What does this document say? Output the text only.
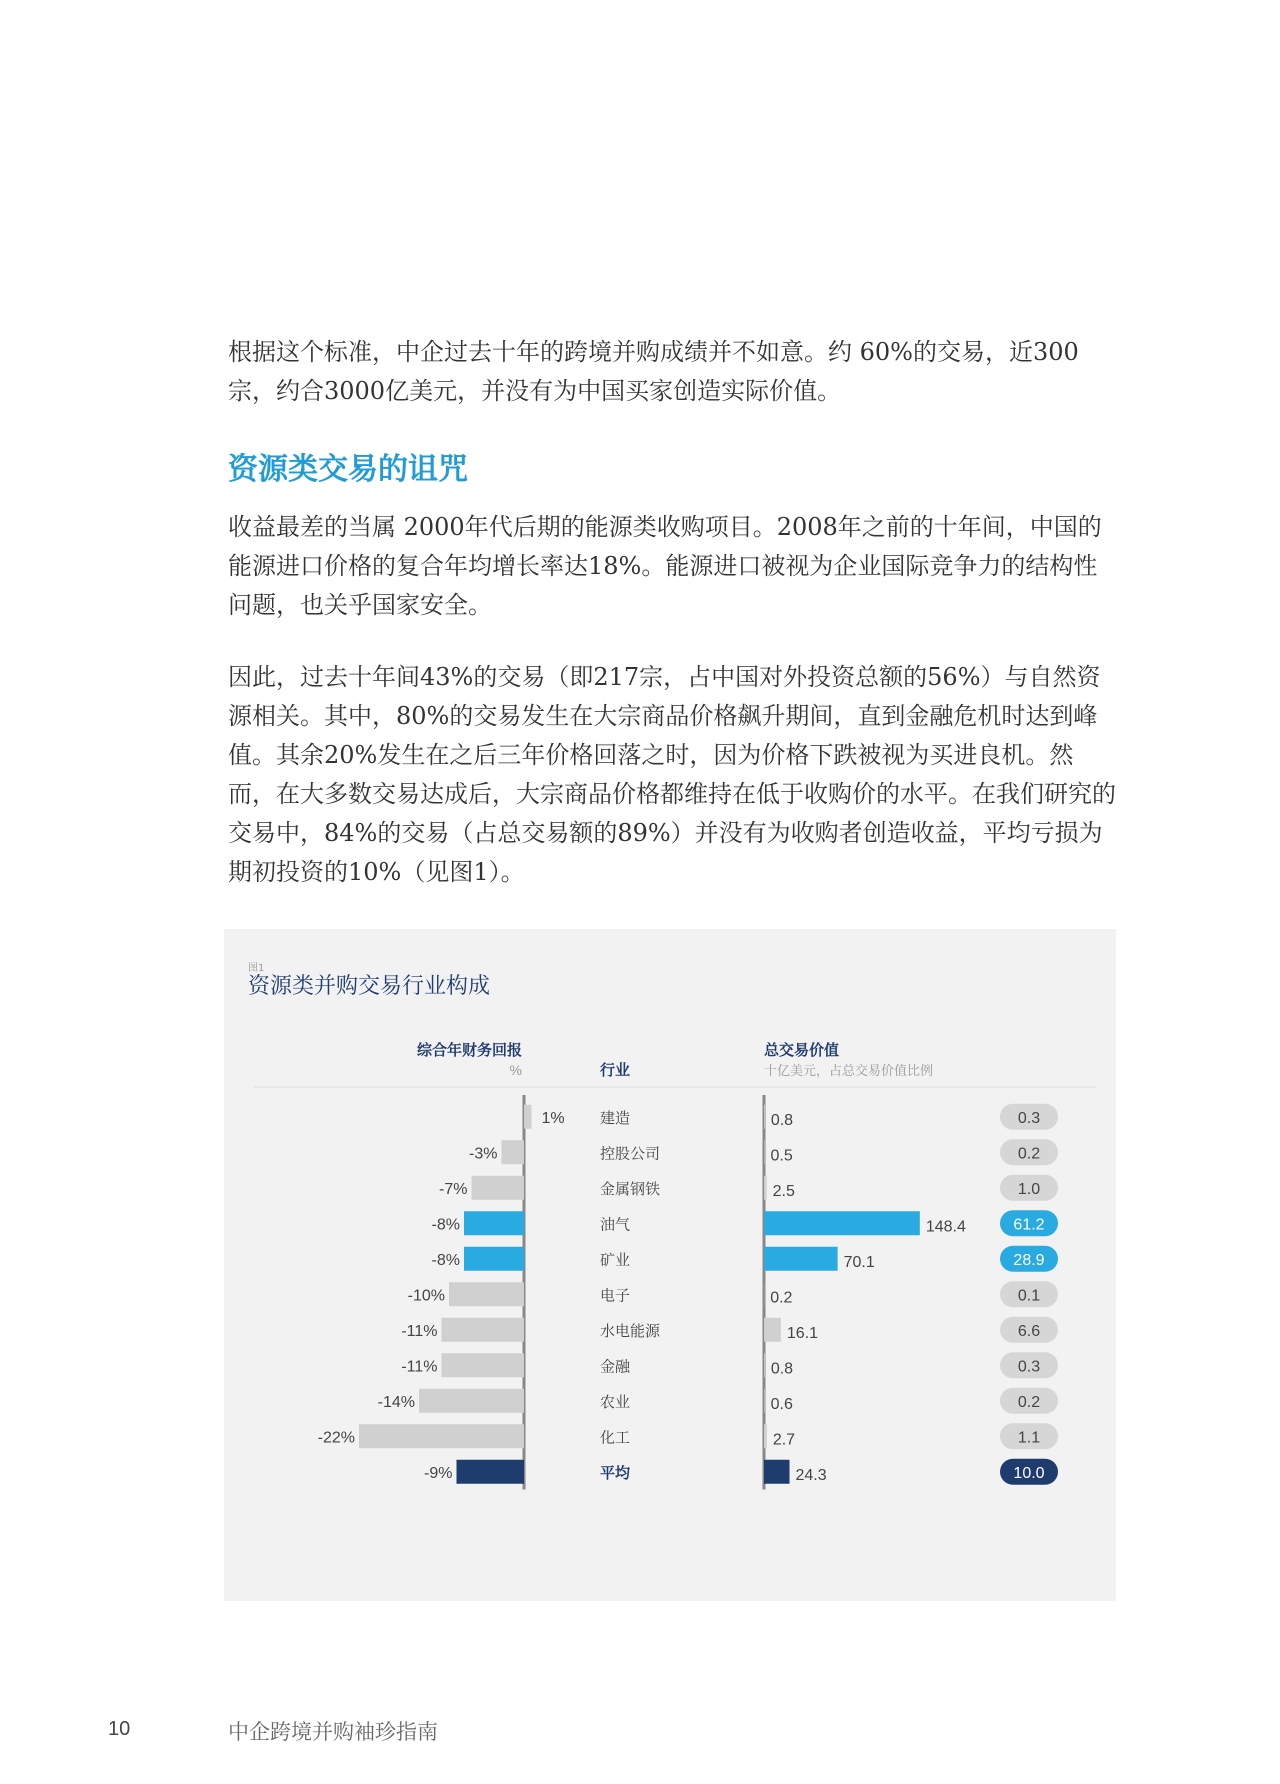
根据这个标准，中企过去十年的跨境并购成绩并不如意。约 60%的交易，近300宗，约合3000亿美元，并没有为中国买家创造实际价值。

资源类交易的诅咒

收益最差的当属 2000年代后期的能源类收购项目。2008年之前的十年间，中国的能源进口价格的复合年均增长率达18%。能源进口被视为企业国际竞争力的结构性问题，也关乎国家安全。

因此，过去十年间43%的交易（即217宗，占中国对外投资总额的56%）与自然资源相关。其中，80%的交易发生在大宗商品价格飙升期间，直到金融危机时达到峰值。其余20%发生在之后三年价格回落之时，因为价格下跌被视为买进良机。然而，在大多数交易达成后，大宗商品价格都维持在低于收购价的水平。在我们研究的交易中，84%的交易（占总交易额的89%）并没有为收购者创造收益，平均亏损为期初投资的10%（见图1）。

图1
资源类并购交易行业构成
综合年财务回报
%	行业
总交易价值
十亿美元，占总交易价值比例
1% 建造	0.8	0.3
-3%	控股公司	0.5	0.2
-7%	金属钢铁	2.5	1.0
-8%	油气	148.4	61.2
-8%	矿业	70.1	28.9
-10%	电子	0.2	0.1
-11%	水电能源	16.1	6.6
-11%	金融	0.8	0.3
-14%	农业	0.6	0.2
-22%	化工	2.7	1.1
-9%	平均	24.3	10.0
10	中企跨境并购袖珍指南
